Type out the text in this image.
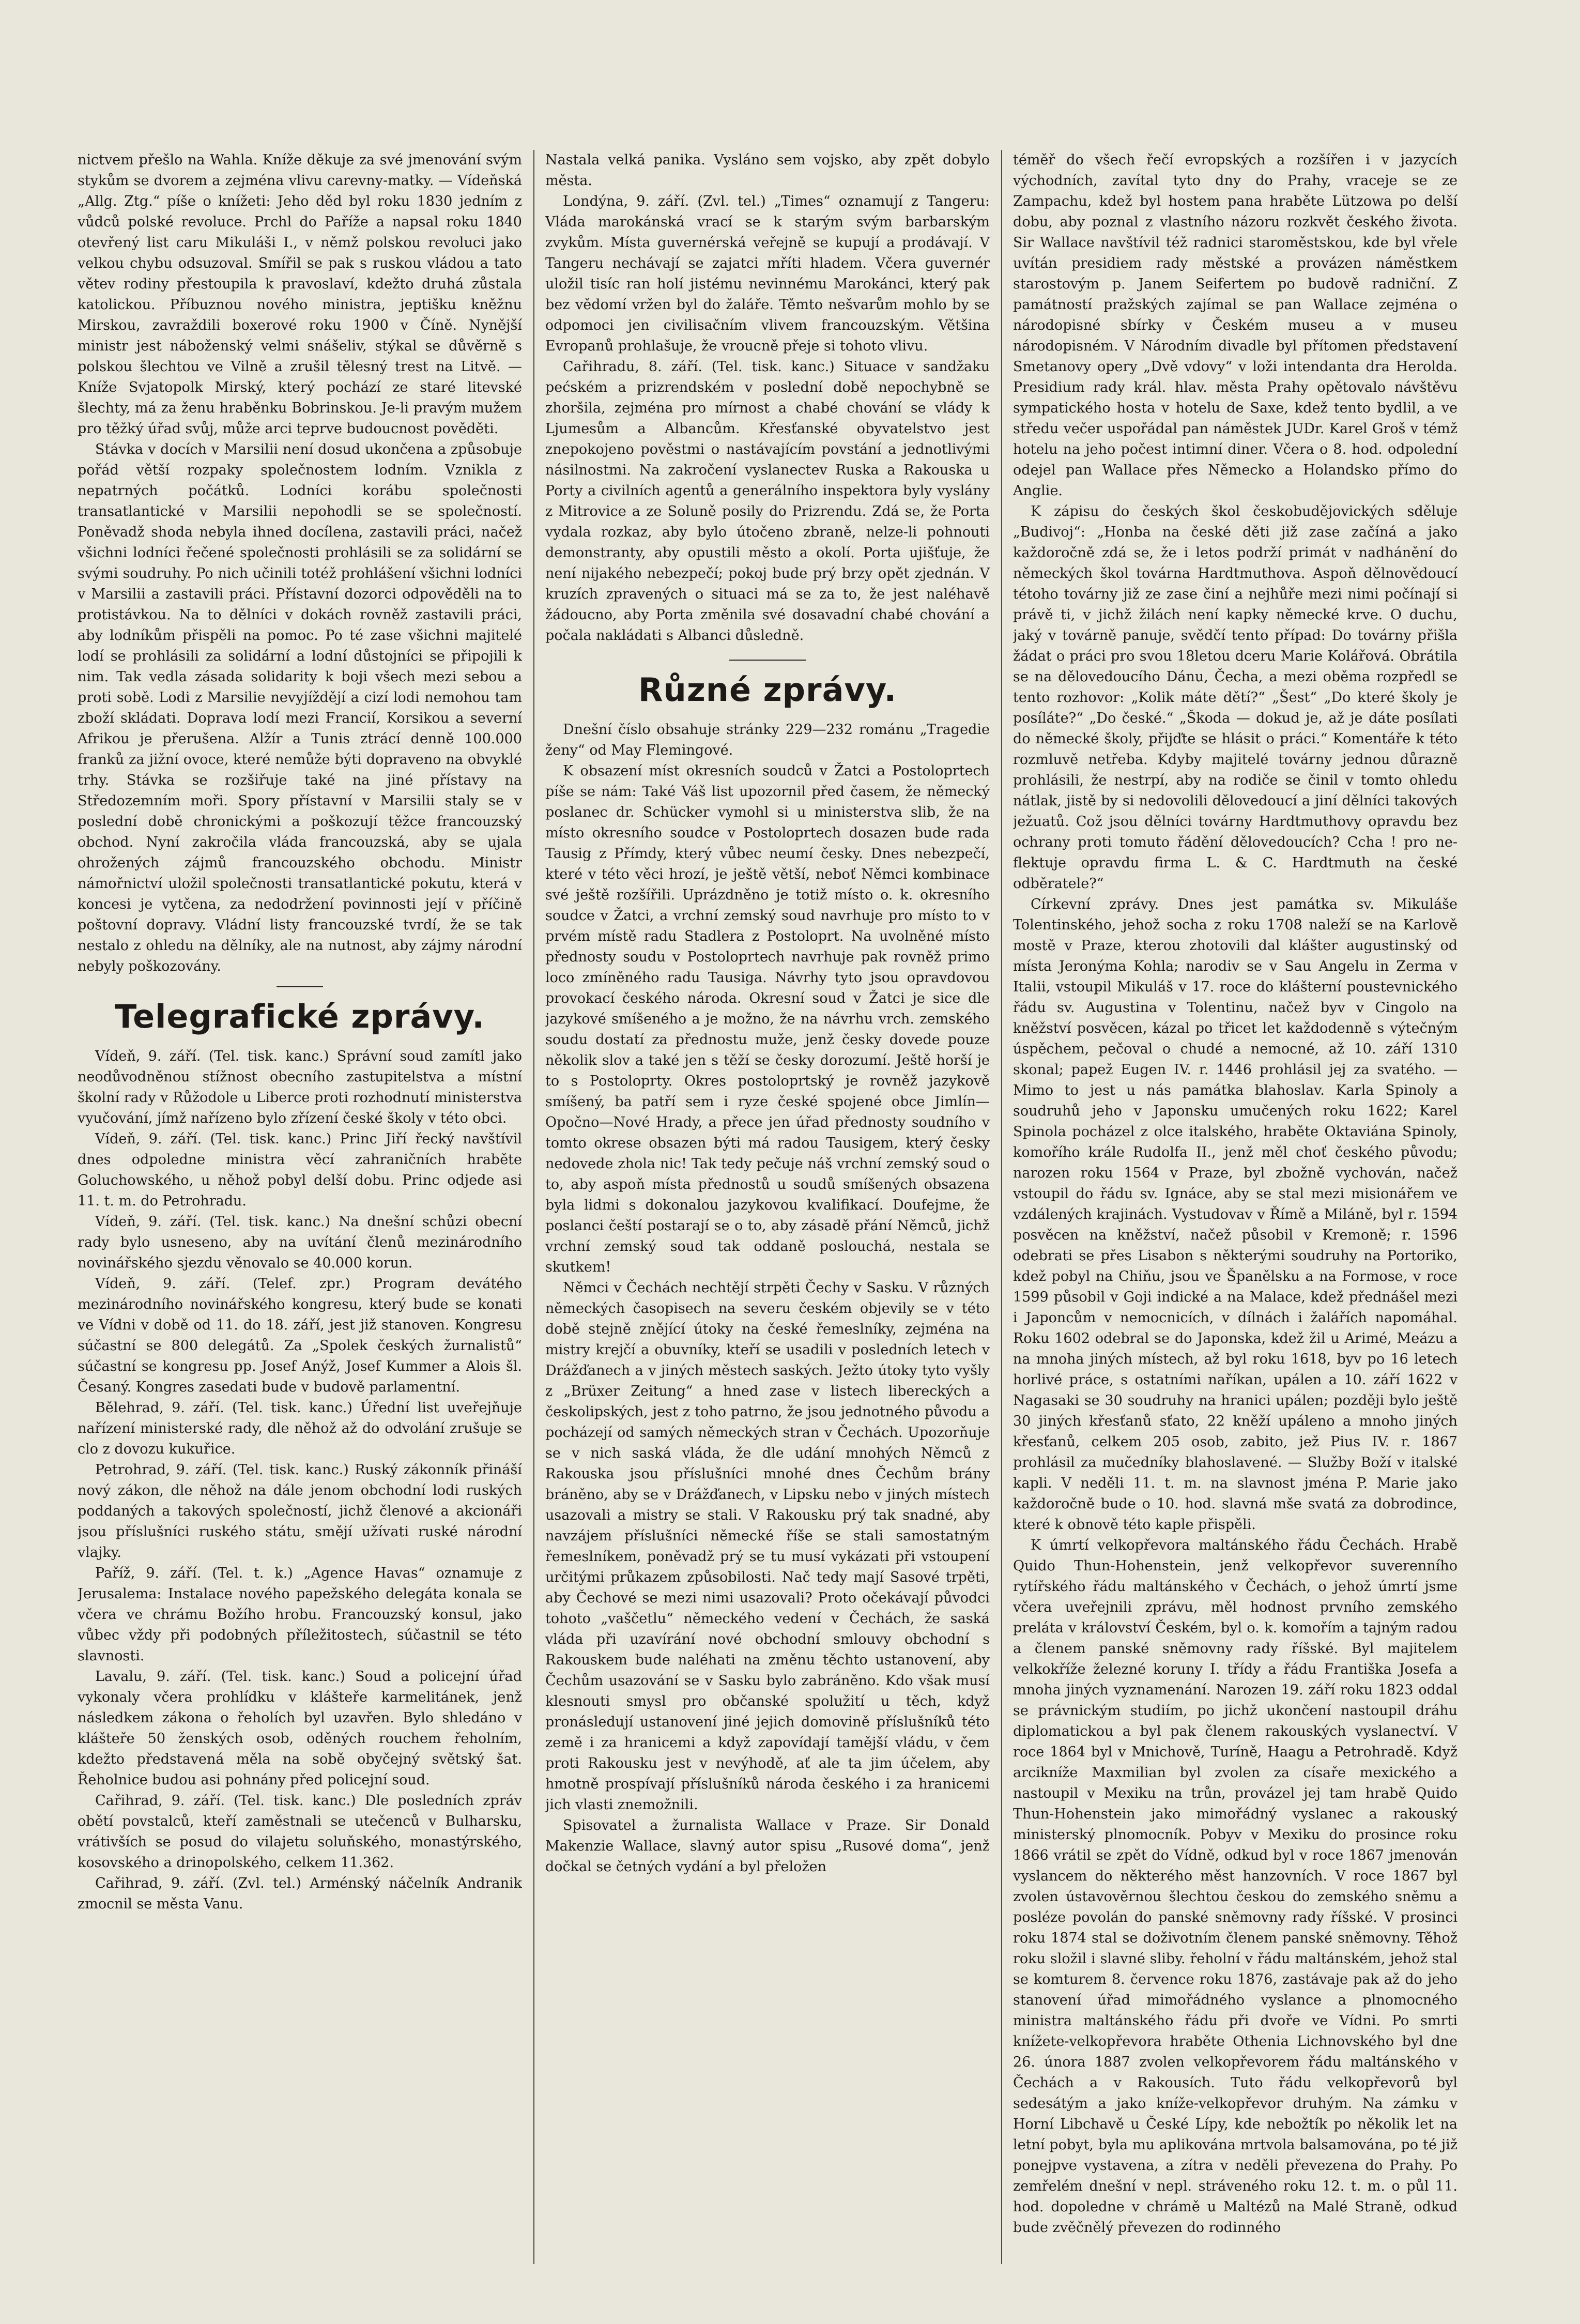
nictvem přešlo na Wahla. Kníže děkuje za své jmenování svým stykům se dvorem a zejména vlivu carevny-matky. — Vídeňská „Allg. Ztg.“ píše o knížeti: Jeho děd byl roku 1830 jedním z vůdců polské revoluce. Prchl do Paříže a napsal roku 1840 otevřený list caru Mikuláši I., v němž polskou revoluci jako velkou chybu odsuzoval. Smířil se pak s ruskou vládou a tato větev rodiny přestoupila k pravoslaví, kdežto druhá zůstala katolickou. Příbuznou nového ministra, jeptišku kněžnu Mirskou, zavraždili boxerové roku 1900 v Číně. Nynější ministr jest náboženský velmi snášeliv, stýkal se důvěrně s polskou šlechtou ve Vilně a zrušil tělesný trest na Litvě. — Kníže Svjatopolk Mirský, který pochází ze staré litevské šlechty, má za ženu hraběnku Bobrinskou. Je-li pravým mužem pro těžký úřad svůj, může arci teprve budoucnost pověděti.

Stávka v docích v Marsilii není dosud ukončena a způsobuje pořád větší rozpaky společnostem lodním. Vznikla z nepatrných počátků. Lodníci korábu společnosti transatlantické v Marsilii nepohodli se se společností. Poněvadž shoda nebyla ihned docílena, zastavili práci, načež všichni lodníci řečené společnosti prohlásili se za solidární se svými soudruhy. Po nich učinili totéž prohlášení všichni lodníci v Marsilii a zastavili práci. Přístavní dozorci odpověděli na to protistávkou. Na to dělníci v dokách rovněž zastavili práci, aby lodníkům přispěli na pomoc. Po té zase všichni majitelé lodí se prohlásili za solidární a lodní důstojníci se připojili k nim. Tak vedla zásada solidarity k boji všech mezi sebou a proti sobě. Lodi z Marsilie nevyjíždějí a cizí lodi nemohou tam zboží skládati. Doprava lodí mezi Francií, Korsikou a severní Afrikou je přerušena. Alžír a Tunis ztrácí denně 100.000 franků za jižní ovoce, které nemůže býti dopraveno na obvyklé trhy. Stávka se rozšiřuje také na jiné přístavy na Středozemním moři. Spory přístavní v Marsilii staly se v poslední době chronickými a poškozují těžce francouzský obchod. Nyní zakročila vláda francouzská, aby se ujala ohrožených zájmů francouzského obchodu. Ministr námořnictví uložil společnosti transatlantické pokutu, která v koncesi je vytčena, za nedodržení povinnosti její v příčině poštovní dopravy. Vládní listy francouzské tvrdí, že se tak nestalo z ohledu na dělníky, ale na nutnost, aby zájmy národní nebyly poškozovány.

Telegrafické zprávy.

Vídeň, 9. září. (Tel. tisk. kanc.) Správní soud zamítl jako neodůvodněnou stížnost obecního zastupitelstva a místní školní rady v Růžodole u Liberce proti rozhodnutí ministerstva vyučování, jímž nařízeno bylo zřízení české školy v této obci.

Vídeň, 9. září. (Tel. tisk. kanc.) Princ Jiří řecký navštívil dnes odpoledne ministra věcí zahraničních hraběte Goluchowského, u něhož pobyl delší dobu. Princ odjede asi 11. t. m. do Petrohradu.

Vídeň, 9. září. (Tel. tisk. kanc.) Na dnešní schůzi obecní rady bylo usneseno, aby na uvítání členů mezinárodního novinářského sjezdu věnovalo se 40.000 korun.

Vídeň, 9. září. (Telef. zpr.) Program devátého mezinárodního novinářského kongresu, který bude se konati ve Vídni v době od 11. do 18. září, jest již stanoven. Kongresu súčastní se 800 delegátů. Za „Spolek českých žurnalistů“ súčastní se kongresu pp. Josef Anýž, Josef Kummer a Alois šl. Česaný. Kongres zasedati bude v budově parlamentní.

Bělehrad, 9. září. (Tel. tisk. kanc.) Úřední list uveřejňuje nařízení ministerské rady, dle něhož až do odvolání zrušuje se clo z dovozu kukuřice.

Petrohrad, 9. září. (Tel. tisk. kanc.) Ruský zákonník přináší nový zákon, dle něhož na dále jenom obchodní lodi ruských poddaných a takových společností, jichž členové a akcionáři jsou příslušníci ruského státu, smějí užívati ruské národní vlajky.

Paříž, 9. září. (Tel. t. k.) „Agence Havas“ oznamuje z Jerusalema: Instalace nového papežského delegáta konala se včera ve chrámu Božího hrobu. Francouzský konsul, jako vůbec vždy při podobných příležitostech, súčastnil se této slavnosti.

Lavalu, 9. září. (Tel. tisk. kanc.) Soud a policejní úřad vykonaly včera prohlídku v klášteře karmelitánek, jenž následkem zákona o řeholích byl uzavřen. Bylo shledáno v klášteře 50 ženských osob, oděných rouchem řeholním, kdežto představená měla na sobě obyčejný světský šat. Řeholnice budou asi pohnány před policejní soud.

Cařihrad, 9. září. (Tel. tisk. kanc.) Dle posledních zpráv obětí povstalců, kteří zaměstnali se utečenců v Bulharsku, vrátivších se posud do vilajetu soluňského, monastýrského, kosovského a drinopolského, celkem 11.362.

Cařihrad, 9. září. (Zvl. tel.) Arménský náčelník Andranik zmocnil se města Vanu.

Nastala velká panika. Vysláno sem vojsko, aby zpět dobylo města.

Londýna, 9. září. (Zvl. tel.) „Times“ oznamují z Tangeru: Vláda marokánská vrací se k starým svým barbarským zvykům. Místa guvernérská veřejně se kupují a prodávají. V Tangeru nechávají se zajatci mříti hladem. Včera guvernér uložil tisíc ran holí jistému nevinnému Marokánci, který pak bez vědomí vržen byl do žaláře. Těmto nešvarům mohlo by se odpomoci jen civilisačním vlivem francouzským. Většina Evropanů prohlašuje, že vroucně přeje si tohoto vlivu.

Cařihradu, 8. září. (Tel. tisk. kanc.) Situace v sandžaku pećském a prizrendském v poslední době nepochybně se zhoršila, zejména pro mírnost a chabé chování se vlády k Ljumesům a Albancům. Křesťanské obyvatelstvo jest znepokojeno pověstmi o nastávajícím povstání a jednotlivými násilnostmi. Na zakročení vyslanectev Ruska a Rakouska u Porty a civilních agentů a generálního inspektora byly vyslány z Mitrovice a ze Soluně posily do Prizrendu. Zdá se, že Porta vydala rozkaz, aby bylo útočeno zbraně, nelze-li pohnouti demonstranty, aby opustili město a okolí. Porta ujišťuje, že není nijakého nebezpečí; pokoj bude prý brzy opět zjednán. V kruzích zpravených o situaci má se za to, že jest naléhavě žádoucno, aby Porta změnila své dosavadní chabé chování a počala nakládati s Albanci důsledně.

Různé zprávy.

Dnešní číslo obsahuje stránky 229—232 románu „Tragedie ženy“ od May Flemingové.

K obsazení míst okresních soudců v Žatci a Postoloprtech píše se nám: Také Váš list upozornil před časem, že německý poslanec dr. Schücker vymohl si u ministerstva slib, že na místo okresního soudce v Postoloprtech dosazen bude rada Tausig z Přímdy, který vůbec neumí česky. Dnes nebezpečí, které v této věci hrozí, je ještě větší, neboť Němci kombinace své ještě rozšířili. Uprázdněno je totiž místo o. k. okresního soudce v Žatci, a vrchní zemský soud navrhuje pro místo to v prvém místě radu Stadlera z Postoloprt. Na uvolněné místo přednosty soudu v Postoloprtech navrhuje pak rovněž primo loco zmíněného radu Tausiga. Návrhy tyto jsou opravdovou provokací českého národa. Okresní soud v Žatci je sice dle jazykové smíšeného a je možno, že na návrhu vrch. zemského soudu dostatí za přednostu muže, jenž česky dovede pouze několik slov a také jen s těží se česky dorozumí. Ještě horší je to s Postoloprty. Okres postoloprtský je rovněž jazykově smíšený, ba patří sem i ryze české spojené obce Jimlín—Opočno—Nové Hrady, a přece jen úřad přednosty soudního v tomto okrese obsazen býti má radou Tausigem, který česky nedovede zhola nic! Tak tedy pečuje náš vrchní zemský soud o to, aby aspoň místa přednostů u soudů smíšených obsazena byla lidmi s dokonalou jazykovou kvalifikací. Doufejme, že poslanci čeští postarají se o to, aby zásadě přání Němců, jichž vrchní zemský soud tak oddaně poslouchá, nestala se skutkem!

Němci v Čechách nechtějí strpěti Čechy v Sasku. V různých německých časopisech na severu českém objevily se v této době stejně znějící útoky na české řemeslníky, zejména na mistry krejčí a obuvníky, kteří se usadili v posledních letech v Drážďanech a v jiných městech saských. Ježto útoky tyto vyšly z „Brüxer Zeitung“ a hned zase v listech libereckých a českolipských, jest z toho patrno, že jsou jednotného původu a pocházejí od samých německých stran v Čechách. Upozorňuje se v nich saská vláda, že dle udání mnohých Němců z Rakouska jsou příslušníci mnohé dnes Čechům brány bráněno, aby se v Drážďanech, v Lipsku nebo v jiných místech usazovali a mistry se stali. V Rakousku prý tak snadné, aby navzájem příslušníci německé říše se stali samostatným řemeslníkem, poněvadž prý se tu musí vykázati při vstoupení určitými průkazem způsobilosti. Nač tedy mají Sasové trpěti, aby Čechové se mezi nimi usazovali? Proto očekávají původci tohoto „vaščetlu“ německého vedení v Čechách, že saská vláda při uzavírání nové obchodní smlouvy obchodní s Rakouskem bude naléhati na změnu těchto ustanovení, aby Čechům usazování se v Sasku bylo zabráněno. Kdo však musí klesnouti smysl pro občanské spolužití u těch, když pronásledují ustanovení jiné jejich domovině příslušníků této země i za hranicemi a když zapovídají tamější vládu, v čem proti Rakousku jest v nevýhodě, ať ale ta jim účelem, aby hmotně prospívají příslušníků národa českého i za hranicemi jich vlasti znemožnili.

Spisovatel a žurnalista Wallace v Praze. Sir Donald Makenzie Wallace, slavný autor spisu „Rusové doma“, jenž dočkal se četných vydání a byl přeložen

téměř do všech řečí evropských a rozšířen i v jazycích východních, zavítal tyto dny do Prahy, vraceje se ze Zampachu, kdež byl hostem pana hraběte Lützowa po delší dobu, aby poznal z vlastního názoru rozkvět českého života. Sir Wallace navštívil též radnici staroměstskou, kde byl vřele uvítán presidiem rady městské a provázen náměstkem starostovým p. Janem Seifertem po budově radniční. Z památností pražských zajímal se pan Wallace zejména o národopisné sbírky v Českém museu a v museu národopisném. V Národním divadle byl přítomen představení Smetanovy opery „Dvě vdovy“ v loži intendanta dra Herolda. Presidium rady král. hlav. města Prahy opětovalo návštěvu sympatického hosta v hotelu de Saxe, kdež tento bydlil, a ve středu večer uspořádal pan náměstek JUDr. Karel Groš v témž hotelu na jeho počest intimní diner. Včera o 8. hod. odpolední odejel pan Wallace přes Německo a Holandsko přímo do Anglie.

K zápisu do českých škol českobudějovických sděluje „Budivoj“: „Honba na české děti již zase začíná a jako každoročně zdá se, že i letos podrží primát v nadhánění do německých škol továrna Hardtmuthova. Aspoň dělnovědoucí tétoho továrny již ze zase činí a nejhůře mezi nimi počínají si právě ti, v jichž žilách není kapky německé krve. O duchu, jaký v továrně panuje, svědčí tento případ: Do továrny přišla žádat o práci pro svou 18letou dceru Marie Kolářová. Obrátila se na dělovedoucího Dánu, Čecha, a mezi oběma rozpředl se tento rozhovor: „Kolik máte dětí?“ „Šest“ „Do které školy je posíláte?“ „Do české.“ „Škoda — dokud je, až je dáte posílati do německé školy, přijďte se hlásit o práci.“ Komentáře k této rozmluvě netřeba. Kdyby majitelé továrny jednou důrazně prohlásili, že nestrpí, aby na rodiče se činil v tomto ohledu nátlak, jistě by si nedovolili dělovedoucí a jiní dělníci takových ježuatů. Což jsou dělníci továrny Hardtmuthovy opravdu bez ochrany proti tomuto řádění dělovedoucích? Ccha ! pro ne-flektuje opravdu firma L. & C. Hardtmuth na české odběratele?“

Církevní zprávy. Dnes jest památka sv. Mikuláše Tolentinského, jehož socha z roku 1708 naleží se na Karlově mostě v Praze, kterou zhotovili dal klášter augustinský od místa Jeronýma Kohla; narodiv se v Sau Angelu in Zerma v Italii, vstoupil Mikuláš v 17. roce do klášterní poustevnického řádu sv. Augustina v Tolentinu, načež byv v Cingolo na kněžství posvěcen, kázal po třicet let každodenně s výtečným úspěchem, pečoval o chudé a nemocné, až 10. září 1310 skonal; papež Eugen IV. r. 1446 prohlásil jej za svatého. — Mimo to jest u nás památka blahoslav. Karla Spinoly a soudruhů jeho v Japonsku umučených roku 1622; Karel Spinola pocházel z olce italského, hraběte Oktaviána Spinoly, komořího krále Rudolfa II., jenž měl choť českého původu; narozen roku 1564 v Praze, byl zbožně vychován, načež vstoupil do řádu sv. Ignáce, aby se stal mezi misionářem ve vzdálených krajinách. Vystudovav v Římě a Miláně, byl r. 1594 posvěcen na kněžství, načež působil v Kremoně; r. 1596 odebrati se přes Lisabon s některými soudruhy na Portoriko, kdež pobyl na Chiňu, jsou ve Španělsku a na Formose, v roce 1599 působil v Goji indické a na Malace, kdež přednášel mezi i Japoncům v nemocnicích, v dílnách i žalářích napomáhal. Roku 1602 odebral se do Japonska, kdež žil u Arimé, Meázu a na mnoha jiných místech, až byl roku 1618, byv po 16 letech horlivé práce, s ostatními naříkan, upálen a 10. září 1622 v Nagasaki se 30 soudruhy na hranici upálen; později bylo ještě 30 jiných křesťanů sťato, 22 kněží upáleno a mnoho jiných křesťanů, celkem 205 osob, zabito, jež Pius IV. r. 1867 prohlásil za mučedníky blahoslavené. — Služby Boží v italské kapli. V neděli 11. t. m. na slavnost jména P. Marie jako každoročně bude o 10. hod. slavná mše svatá za dobrodince, které k obnově této kaple přispěli.

K úmrtí velkopřevora maltánského řádu Čechách. Hrabě Quido Thun-Hohenstein, jenž velkopřevor suverenního rytířského řádu maltánského v Čechách, o jehož úmrtí jsme včera uveřejnili zprávu, měl hodnost prvního zemského preláta v království Českém, byl o. k. komořím a tajným radou a členem panské sněmovny rady říšské. Byl majitelem velkokříže železné koruny I. třídy a řádu Františka Josefa a mnoha jiných vyznamenání. Narozen 19. září roku 1823 oddal se právnickým studiím, po jichž ukončení nastoupil dráhu diplomatickou a byl pak členem rakouských vyslanectví. V roce 1864 byl v Mnichově, Turíně, Haagu a Petrohradě. Když arcikníže Maxmilian byl zvolen za císaře mexického a nastoupil v Mexiku na trůn, provázel jej tam hrabě Quido Thun-Hohenstein jako mimořádný vyslanec a rakouský ministerský plnomocník. Pobyv v Mexiku do prosince roku 1866 vrátil se zpět do Vídně, odkud byl v roce 1867 jmenován vyslancem do některého měst hanzovních. V roce 1867 byl zvolen ústavověrnou šlechtou českou do zemského sněmu a posléze povolán do panské sněmovny rady říšské. V prosinci roku 1874 stal se doživotním členem panské sněmovny. Těhož roku složil i slavné sliby. řeholní v řádu maltánském, jehož stal se komturem 8. července roku 1876, zastávaje pak až do jeho stanovení úřad mimořádného vyslance a plnomocného ministra maltánského řádu při dvoře ve Vídni. Po smrti knížete-velkopřevora hraběte Othenia Lichnovského byl dne 26. února 1887 zvolen velkopřevorem řádu maltánského v Čechách a v Rakousích. Tuto řádu velkopřevorů byl sedesátým a jako kníže-velkopřevor druhým. Na zámku v Horní Libchavě u České Lípy, kde nebožtík po několik let na letní pobyt, byla mu aplikována mrtvola balsamována, po té již ponejpve vystavena, a zítra v neděli převezena do Prahy. Po zemřelém dnešní v nepl. stráveného roku 12. t. m. o půl 11. hod. dopoledne v chrámě u Maltézů na Malé Straně, odkud bude zvěčnělý převezen do rodinného
